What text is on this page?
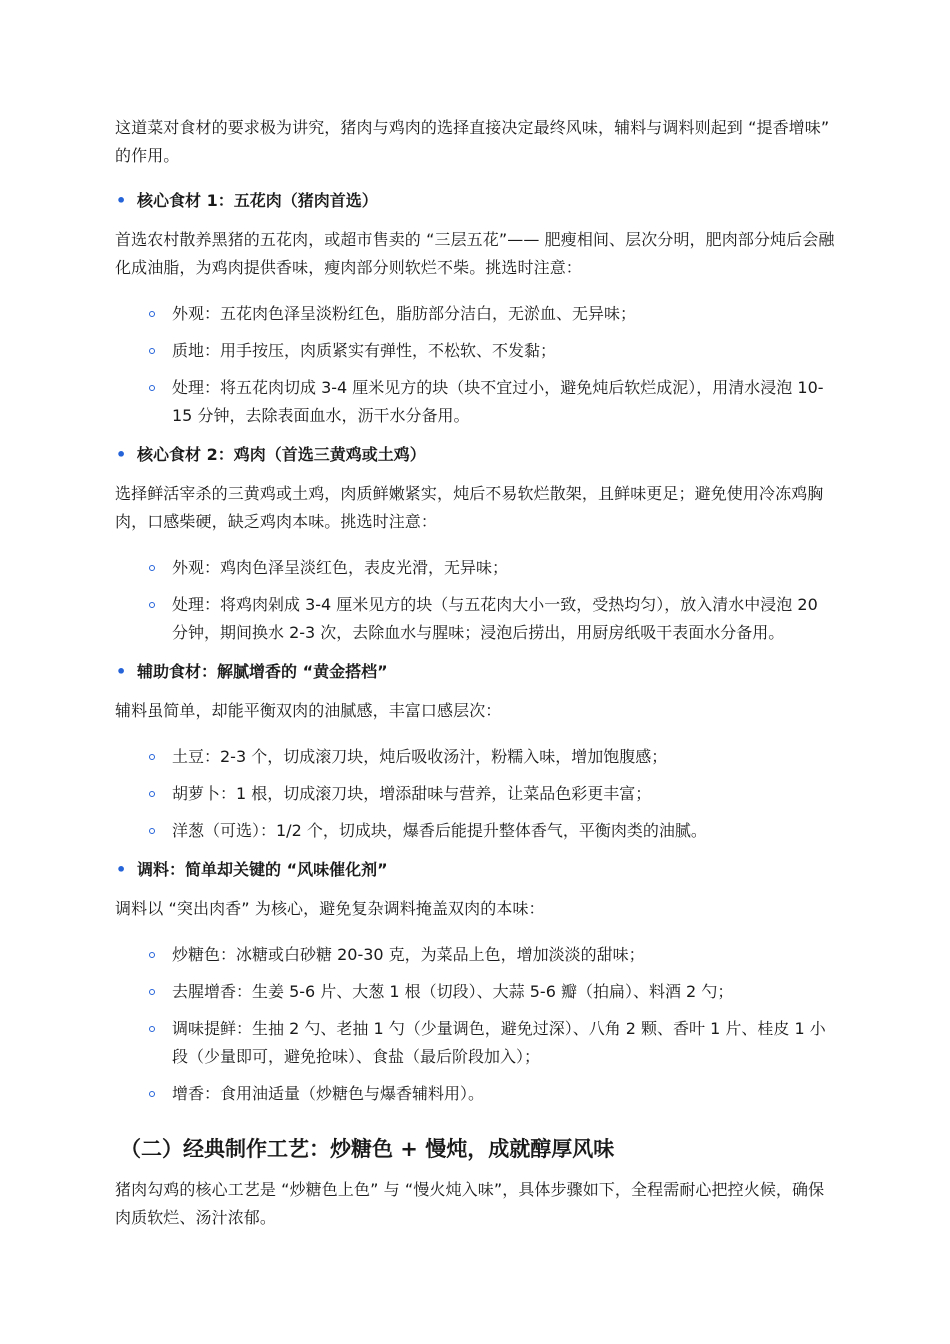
这道菜对食材的要求极为讲究，猪肉与鸡肉的选择直接决定最终风味，辅料与调料则起到 “提香增味” 的作用。

• 核心食材 1：五花肉（猪肉首选）

首选农村散养黑猪的五花肉，或超市售卖的 “三层五花”—— 肥瘦相间、层次分明，肥肉部分炖后会融化成油脂，为鸡肉提供香味，瘦肉部分则软烂不柴。挑选时注意：

外观：五花肉色泽呈淡粉红色，脂肪部分洁白，无淤血、无异味；
质地：用手按压，肉质紧实有弹性，不松软、不发黏；
处理：将五花肉切成 3-4 厘米见方的块（块不宜过小，避免炖后软烂成泥），用清水浸泡 10-15 分钟，去除表面血水，沥干水分备用。
• 核心食材 2：鸡肉（首选三黄鸡或土鸡）

选择鲜活宰杀的三黄鸡或土鸡，肉质鲜嫩紧实，炖后不易软烂散架，且鲜味更足；避免使用冷冻鸡胸肉，口感柴硬，缺乏鸡肉本味。挑选时注意：

外观：鸡肉色泽呈淡红色，表皮光滑，无异味；
处理：将鸡肉剁成 3-4 厘米见方的块（与五花肉大小一致，受热均匀），放入清水中浸泡 20 分钟，期间换水 2-3 次，去除血水与腥味；浸泡后捞出，用厨房纸吸干表面水分备用。
• 辅助食材：解腻增香的 “黄金搭档”

辅料虽简单，却能平衡双肉的油腻感，丰富口感层次：

土豆：2-3 个，切成滚刀块，炖后吸收汤汁，粉糯入味，增加饱腹感；
胡萝卜：1 根，切成滚刀块，增添甜味与营养，让菜品色彩更丰富；
洋葱（可选）：1/2 个，切成块，爆香后能提升整体香气，平衡肉类的油腻。
• 调料：简单却关键的 “风味催化剂”

调料以 “突出肉香” 为核心，避免复杂调料掩盖双肉的本味：

炒糖色：冰糖或白砂糖 20-30 克，为菜品上色，增加淡淡的甜味；
去腥增香：生姜 5-6 片、大葱 1 根（切段）、大蒜 5-6 瓣（拍扁）、料酒 2 勺；
调味提鲜：生抽 2 勺、老抽 1 勺（少量调色，避免过深）、八角 2 颗、香叶 1 片、桂皮 1 小段（少量即可，避免抢味）、食盐（最后阶段加入）；
增香：食用油适量（炒糖色与爆香辅料用）。
（二）经典制作工艺：炒糖色 + 慢炖，成就醇厚风味

猪肉勾鸡的核心工艺是 “炒糖色上色” 与 “慢火炖入味”，具体步骤如下，全程需耐心把控火候，确保肉质软烂、汤汁浓郁。
